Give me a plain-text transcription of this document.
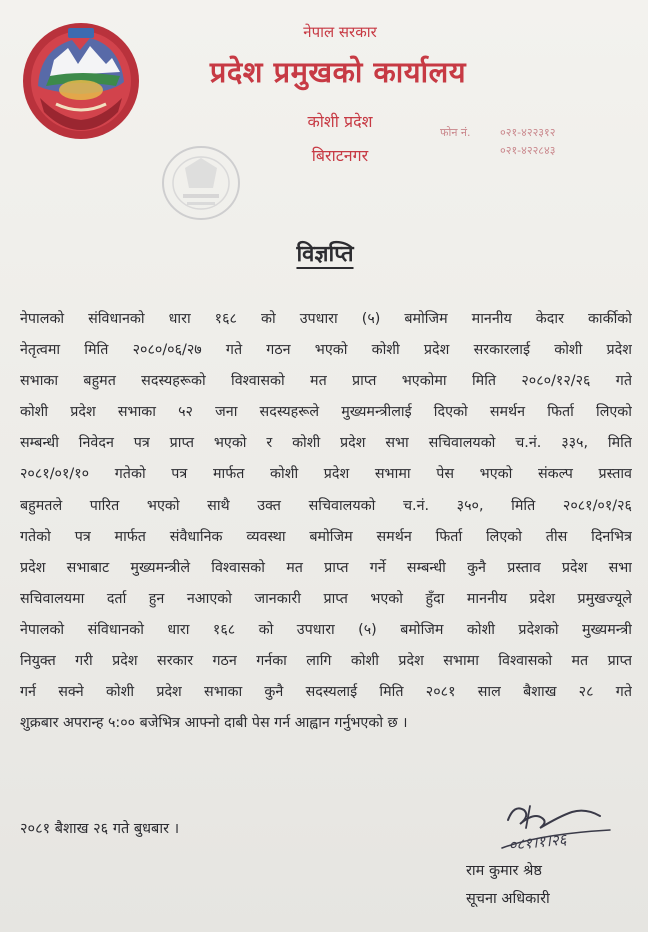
नेपाल सरकार
प्रदेश प्रमुखको कार्यालय
कोशी प्रदेश
बिराटनगर
फोन नं.	०२१-४२२३१२
०२१-४२२८४३
विज्ञप्ति
नेपालको संविधानको धारा १६८ को उपधारा (५) बमोजिम माननीय केदार कार्कीको
नेतृत्वमा मिति २०८०/०६/२७ गते गठन भएको कोशी प्रदेश सरकारलाई कोशी प्रदेश
सभाका बहुमत सदस्यहरूको विश्वासको मत प्राप्त भएकोमा मिति २०८०/१२/२६ गते
कोशी प्रदेश सभाका ५२ जना सदस्यहरूले मुख्यमन्त्रीलाई दिएको समर्थन फिर्ता लिएको
सम्बन्धी निवेदन पत्र प्राप्त भएको र कोशी प्रदेश सभा सचिवालयको च.नं. ३३५, मिति
२०८१/०१/१० गतेको पत्र मार्फत कोशी प्रदेश सभामा पेस भएको संकल्प प्रस्ताव
बहुमतले पारित भएको साथै उक्त सचिवालयको च.नं. ३५०, मिति २०८१/०१/२६
गतेको पत्र मार्फत संवैधानिक व्यवस्था बमोजिम समर्थन फिर्ता लिएको तीस दिनभित्र
प्रदेश सभाबाट मुख्यमन्त्रीले विश्वासको मत प्राप्त गर्ने सम्बन्धी कुनै प्रस्ताव प्रदेश सभा
सचिवालयमा दर्ता हुन नआएको जानकारी प्राप्त भएको हुँदा माननीय प्रदेश प्रमुखज्यूले
नेपालको संविधानको धारा १६८ को उपधारा (५) बमोजिम कोशी प्रदेशको मुख्यमन्त्री
नियुक्त गरी प्रदेश सरकार गठन गर्नका लागि कोशी प्रदेश सभामा विश्वासको मत प्राप्त
गर्न सक्ने कोशी प्रदेश सभाका कुनै सदस्यलाई मिति २०८१ साल बैशाख २८ गते
शुक्रबार अपरान्ह ५:०० बजेभित्र आफ्नो दाबी पेस गर्न आह्वान गर्नुभएको छ ।
२०८१ बैशाख २६ गते बुधबार ।
०८१।१।२६
राम कुमार श्रेष्ठ
सूचना अधिकारी
